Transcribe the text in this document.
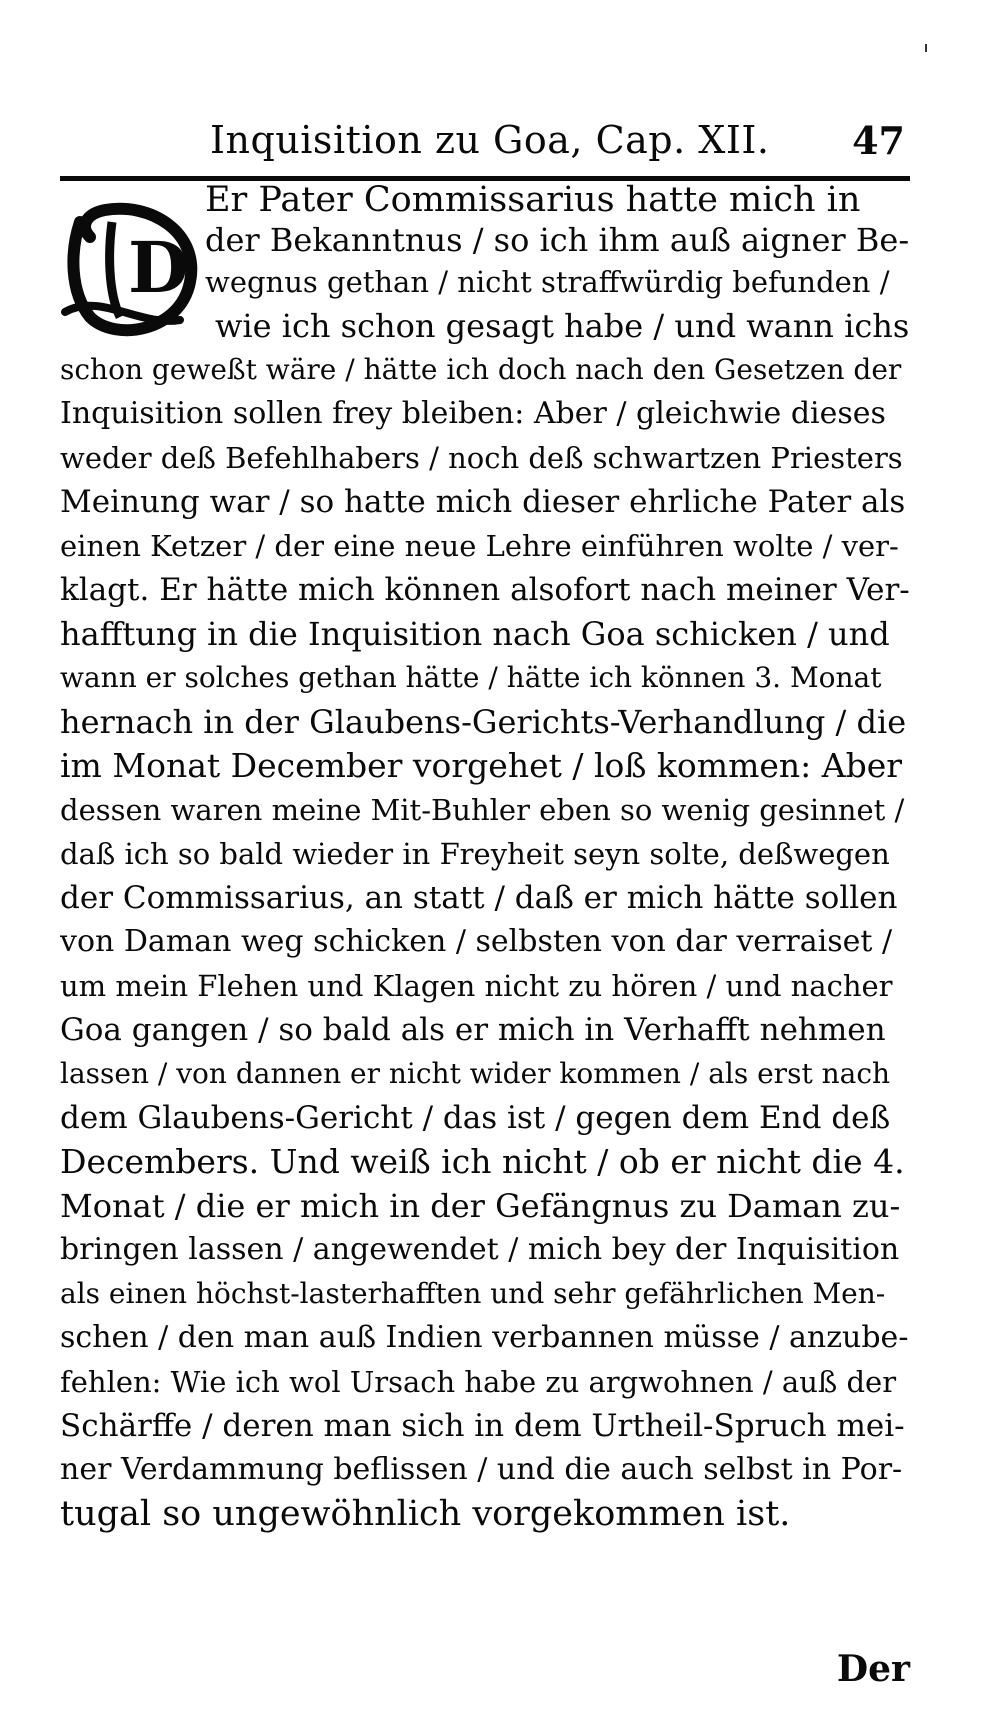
Inquisition zu Goa, Cap. XII. 47
D
Er Pater Commissarius hatte mich in
der Bekanntnus / so ich ihm auß aigner Be-
wegnus gethan / nicht straffwürdig befunden /
wie ich schon gesagt habe / und wann ichs
schon geweßt wäre / hätte ich doch nach den Gesetzen der
Inquisition sollen frey bleiben: Aber / gleichwie dieses
weder deß Befehlhabers / noch deß schwartzen Priesters
Meinung war / so hatte mich dieser ehrliche Pater als
einen Ketzer / der eine neue Lehre einführen wolte / ver-
klagt. Er hätte mich können alsofort nach meiner Ver-
hafftung in die Inquisition nach Goa schicken / und
wann er solches gethan hätte / hätte ich können 3. Monat
hernach in der Glaubens-Gerichts-Verhandlung / die
im Monat December vorgehet / loß kommen: Aber
dessen waren meine Mit-Buhler eben so wenig gesinnet /
daß ich so bald wieder in Freyheit seyn solte, deßwegen
der Commissarius, an statt / daß er mich hätte sollen
von Daman weg schicken / selbsten von dar verraiset /
um mein Flehen und Klagen nicht zu hören / und nacher
Goa gangen / so bald als er mich in Verhafft nehmen
lassen / von dannen er nicht wider kommen / als erst nach
dem Glaubens-Gericht / das ist / gegen dem End deß
Decembers. Und weiß ich nicht / ob er nicht die 4.
Monat / die er mich in der Gefängnus zu Daman zu-
bringen lassen / angewendet / mich bey der Inquisition
als einen höchst-lasterhafften und sehr gefährlichen Men-
schen / den man auß Indien verbannen müsse / anzube-
fehlen: Wie ich wol Ursach habe zu argwohnen / auß der
Schärffe / deren man sich in dem Urtheil-Spruch mei-
ner Verdammung beflissen / und die auch selbst in Por-
tugal so ungewöhnlich vorgekommen ist.
Der
